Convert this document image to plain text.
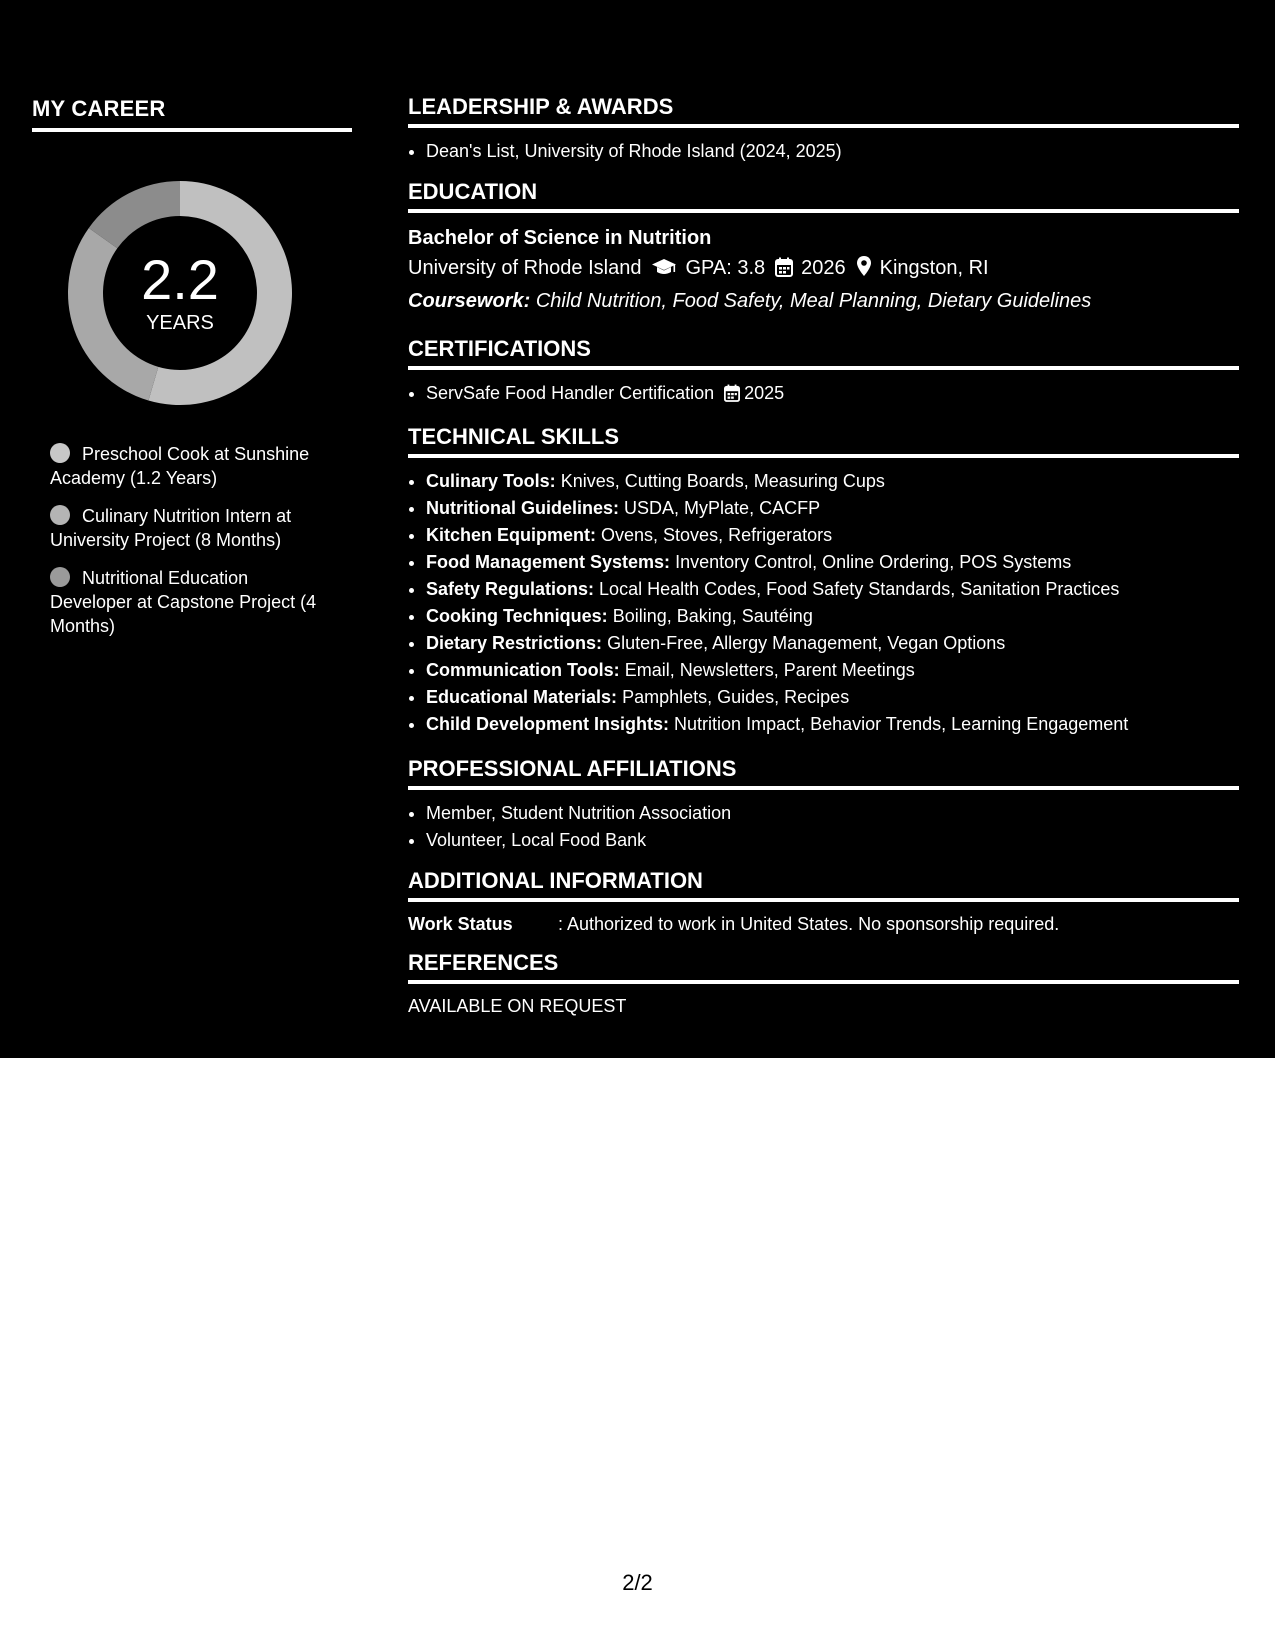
MY CAREER
2.2
YEARS
Preschool Cook at Sunshine Academy (1.2 Years)
Culinary Nutrition Intern at University Project (8 Months)
Nutritional Education Developer at Capstone Project (4 Months)
LEADERSHIP & AWARDS
• Dean's List, University of Rhode Island (2024, 2025)
EDUCATION
Bachelor of Science in Nutrition
University of Rhode Island GPA: 3.8 2026 Kingston, RI
Coursework: Child Nutrition, Food Safety, Meal Planning, Dietary Guidelines
CERTIFICATIONS
• ServSafe Food Handler Certification 2025
TECHNICAL SKILLS
• Culinary Tools: Knives, Cutting Boards, Measuring Cups
• Nutritional Guidelines: USDA, MyPlate, CACFP
• Kitchen Equipment: Ovens, Stoves, Refrigerators
• Food Management Systems: Inventory Control, Online Ordering, POS Systems
• Safety Regulations: Local Health Codes, Food Safety Standards, Sanitation Practices
• Cooking Techniques: Boiling, Baking, Sautéing
• Dietary Restrictions: Gluten-Free, Allergy Management, Vegan Options
• Communication Tools: Email, Newsletters, Parent Meetings
• Educational Materials: Pamphlets, Guides, Recipes
• Child Development Insights: Nutrition Impact, Behavior Trends, Learning Engagement
PROFESSIONAL AFFILIATIONS
• Member, Student Nutrition Association
• Volunteer, Local Food Bank
ADDITIONAL INFORMATION
Work Status	: Authorized to work in United States. No sponsorship required.
REFERENCES
AVAILABLE ON REQUEST
2/2
